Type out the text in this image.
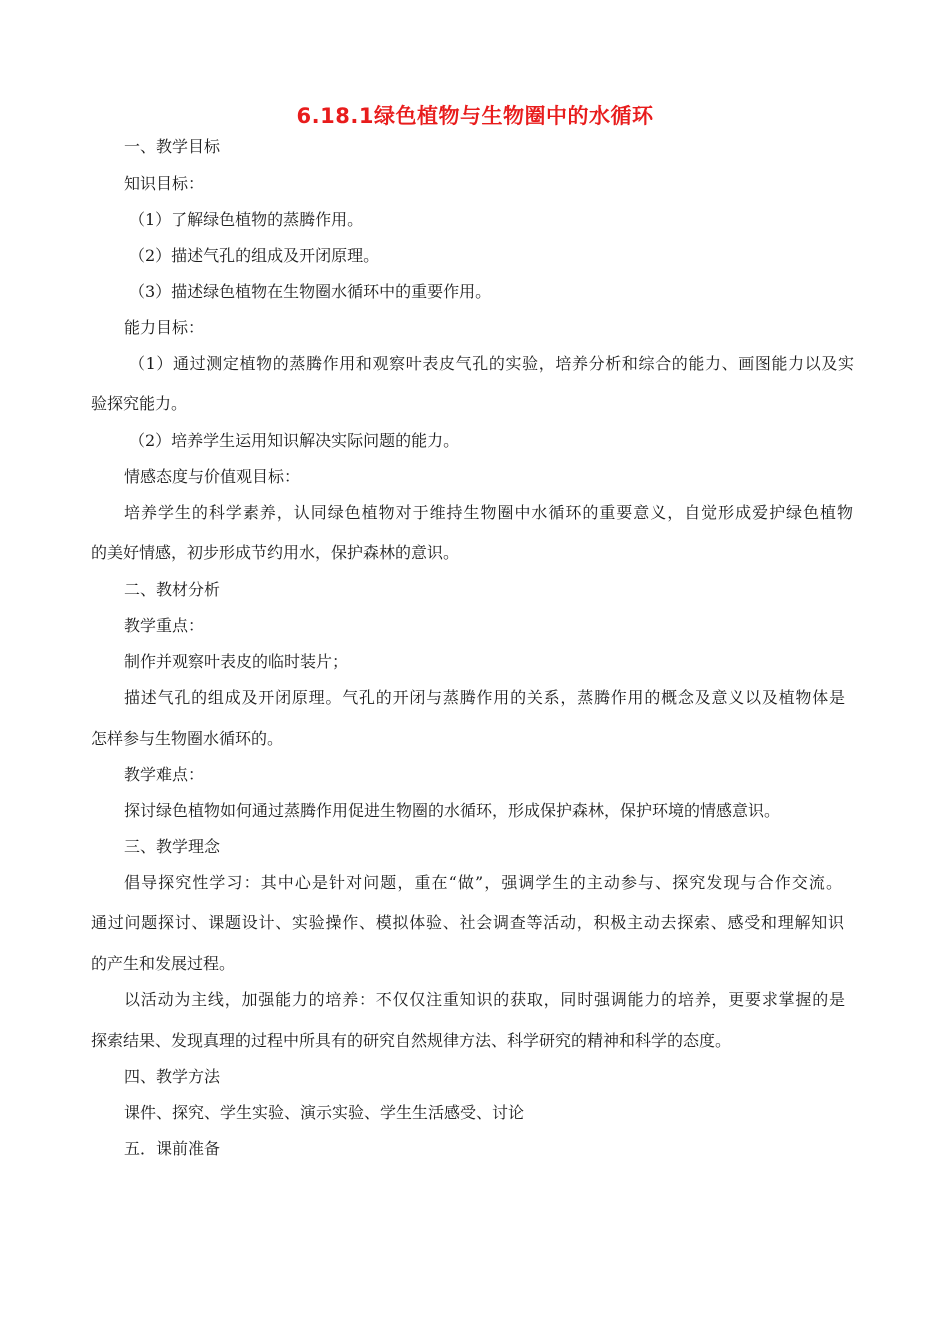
6.18.1绿色植物与生物圈中的水循环
一、教学目标
知识目标：
（1）了解绿色植物的蒸腾作用。
（2）描述气孔的组成及开闭原理。
（3）描述绿色植物在生物圈水循环中的重要作用。
能力目标：
（1）通过测定植物的蒸腾作用和观察叶表皮气孔的实验，培养分析和综合的能力、画图能力以及实
验探究能力。
（2）培养学生运用知识解决实际问题的能力。
情感态度与价值观目标：
培养学生的科学素养，认同绿色植物对于维持生物圈中水循环的重要意义，自觉形成爱护绿色植物
的美好情感，初步形成节约用水，保护森林的意识。
二、教材分析
教学重点：
制作并观察叶表皮的临时装片；
描述气孔的组成及开闭原理。气孔的开闭与蒸腾作用的关系，蒸腾作用的概念及意义以及植物体是
怎样参与生物圈水循环的。
教学难点：
探讨绿色植物如何通过蒸腾作用促进生物圈的水循环，形成保护森林，保护环境的情感意识。
三、教学理念
倡导探究性学习：其中心是针对问题，重在“做”，强调学生的主动参与、探究发现与合作交流。
通过问题探讨、课题设计、实验操作、模拟体验、社会调查等活动，积极主动去探索、感受和理解知识
的产生和发展过程。
以活动为主线，加强能力的培养：不仅仅注重知识的获取，同时强调能力的培养，更要求掌握的是
探索结果、发现真理的过程中所具有的研究自然规律方法、科学研究的精神和科学的态度。
四、教学方法
课件、探究、学生实验、演示实验、学生生活感受、讨论
五．课前准备
